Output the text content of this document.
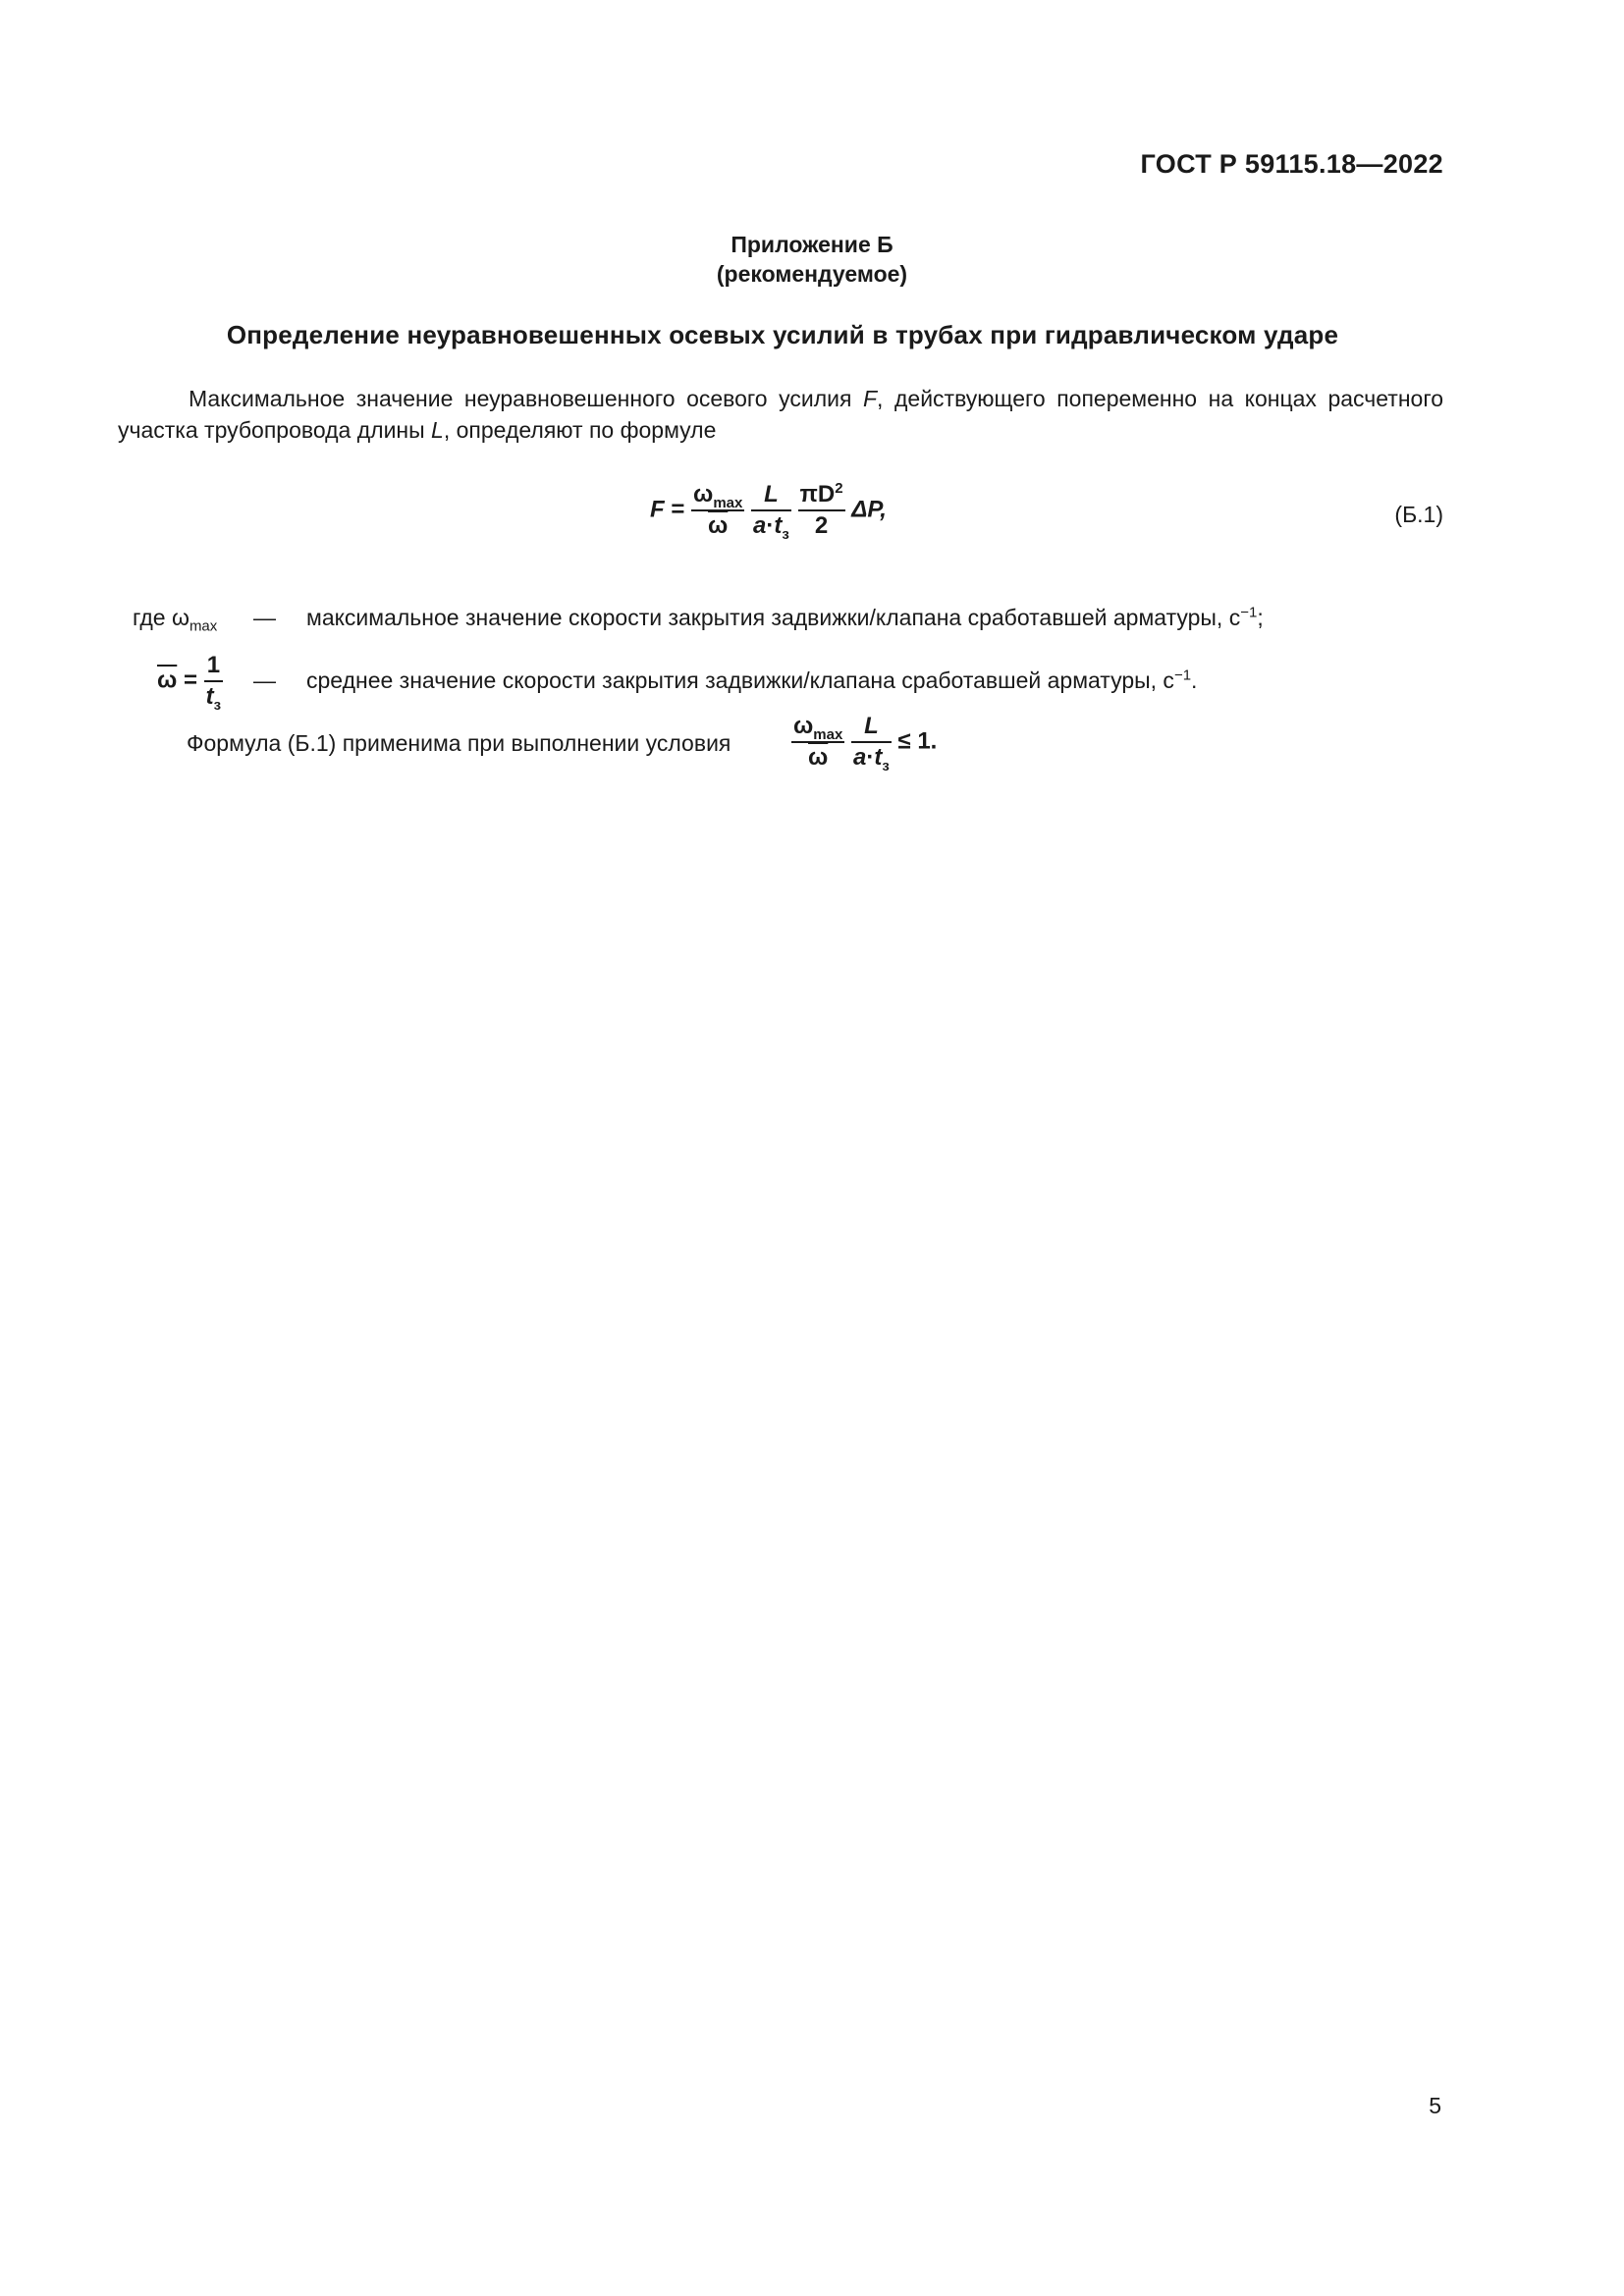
ГОСТ Р 59115.18—2022
Приложение Б
(рекомендуемое)
Определение неуравновешенных осевых усилий в трубах при гидравлическом ударе
Максимальное значение неуравновешенного осевого усилия F, действующего попеременно на концах расчетного участка трубопровода длины L, определяют по формуле
$F = \frac{\omega_{max}}{\omega}$
$\frac{L}{a\cdot t_з}$
$\frac{\pi D^2}{2} \Delta P$,	(Б.1)
где $\omega_{max}$ — максимальное значение скорости закрытия задвижки/клапана сработавшей арматуры, $с^{-1}$;
$\overline{\omega} = \frac{1}{t_з}$ — среднее значение скорости закрытия задвижки/клапана сработавшей арматуры, $с^{-1}$.
Формула (Б.1) применима при выполнении условия	$\frac{\omega_{max}}{\omega}$
$\frac{L}{a\cdot t_з} \le 1$.
5
